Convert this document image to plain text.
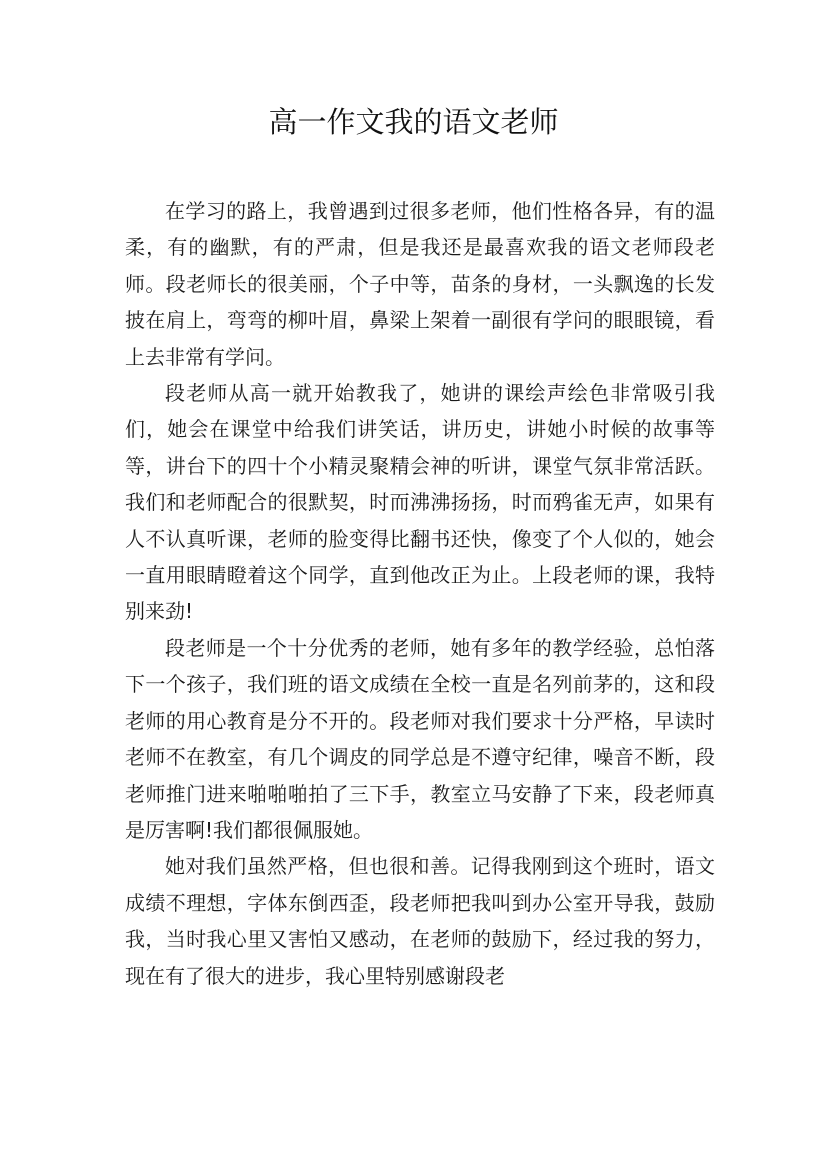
高一作文我的语文老师

在学习的路上，我曾遇到过很多老师，他们性格各异，有的温柔，有的幽默，有的严肃，但是我还是最喜欢我的语文老师段老师。段老师长的很美丽，个子中等，苗条的身材，一头飘逸的长发披在肩上，弯弯的柳叶眉，鼻梁上架着一副很有学问的眼眼镜，看上去非常有学问。

段老师从高一就开始教我了，她讲的课绘声绘色非常吸引我们，她会在课堂中给我们讲笑话，讲历史，讲她小时候的故事等等，讲台下的四十个小精灵聚精会神的听讲，课堂气氛非常活跃。我们和老师配合的很默契，时而沸沸扬扬，时而鸦雀无声，如果有人不认真听课，老师的脸变得比翻书还快，像变了个人似的，她会一直用眼睛瞪着这个同学，直到他改正为止。上段老师的课，我特别来劲!

段老师是一个十分优秀的老师，她有多年的教学经验，总怕落下一个孩子，我们班的语文成绩在全校一直是名列前茅的，这和段老师的用心教育是分不开的。段老师对我们要求十分严格，早读时老师不在教室，有几个调皮的同学总是不遵守纪律，噪音不断，段老师推门进来啪啪啪拍了三下手，教室立马安静了下来，段老师真是厉害啊!我们都很佩服她。

她对我们虽然严格，但也很和善。记得我刚到这个班时，语文成绩不理想，字体东倒西歪，段老师把我叫到办公室开导我，鼓励我，当时我心里又害怕又感动，在老师的鼓励下，经过我的努力，现在有了很大的进步，我心里特别感谢段老
